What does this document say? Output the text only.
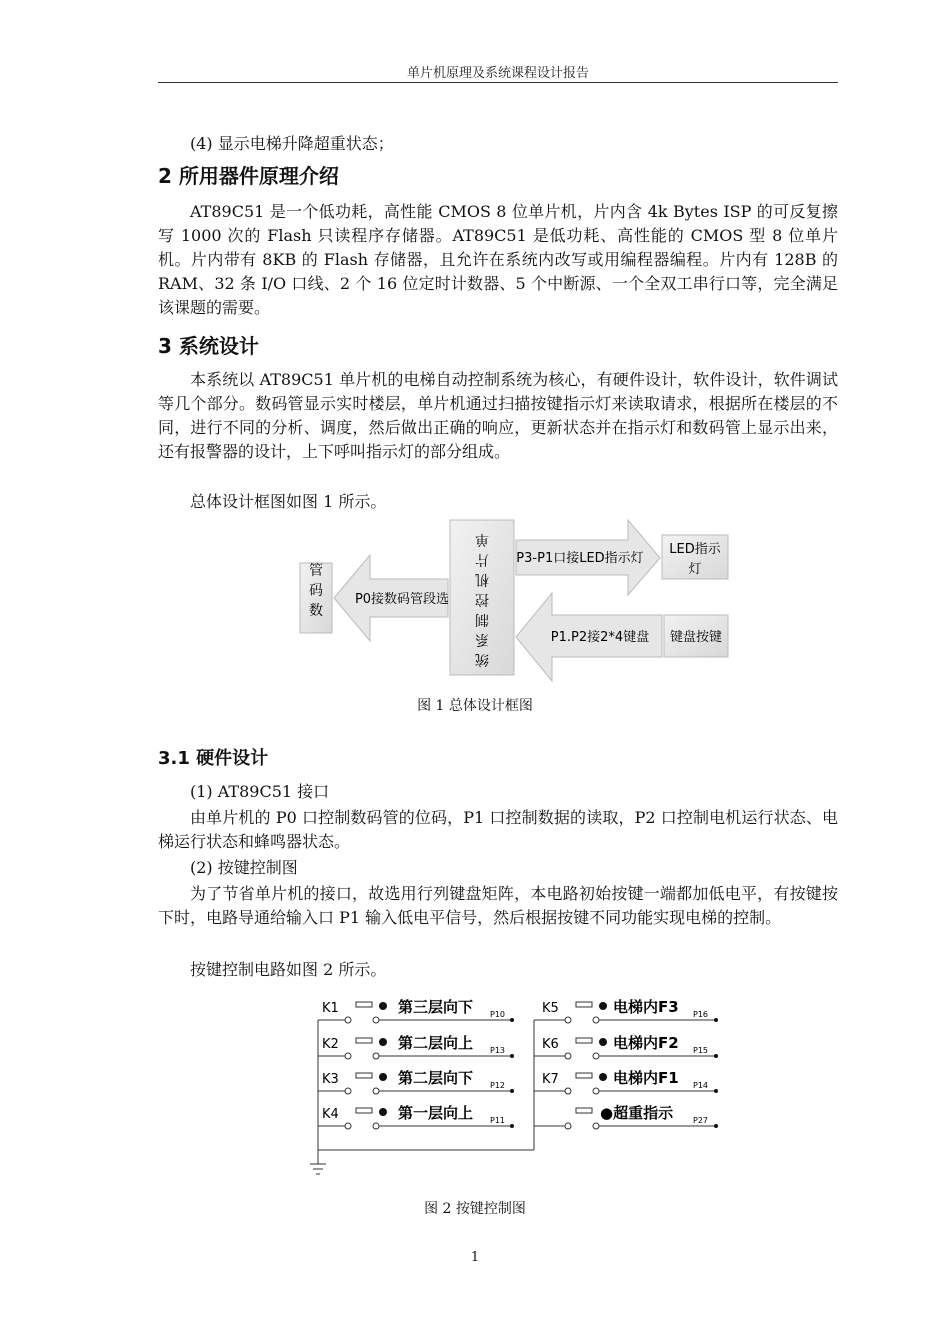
单片机原理及系统课程设计报告
(4) 显示电梯升降超重状态；
2 所用器件原理介绍
AT89C51 是一个低功耗，高性能 CMOS 8 位单片机，片内含 4k Bytes ISP 的可反复擦写 1000 次的 Flash 只读程序存储器。AT89C51 是低功耗、高性能的 CMOS 型 8 位单片机。片内带有 8KB 的 Flash 存储器，且允许在系统内改写或用编程器编程。片内有 128B 的 RAM、32 条 I/O 口线、2 个 16 位定时计数器、5 个中断源、一个全双工串行口等，完全满足该课题的需要。
3 系统设计
本系统以 AT89C51 单片机的电梯自动控制系统为核心，有硬件设计，软件设计，软件调试等几个部分。数码管显示实时楼层，单片机通过扫描按键指示灯来读取请求，根据所在楼层的不同，进行不同的分析、调度，然后做出正确的响应，更新状态并在指示灯和数码管上显示出来，还有报警器的设计，上下呼叫指示灯的部分组成。
总体设计框图如图 1 所示。
管
码
数
P0接数码管段选
单
片
机
控
制
系
统
P3-P1口接LED指示灯
LED指示
灯
P1.P2接2*4键盘 键盘按键
图 1 总体设计框图
3.1 硬件设计
(1) AT89C51 接口
由单片机的 P0 口控制数码管的位码，P1 口控制数据的读取，P2 口控制电机运行状态、电梯运行状态和蜂鸣器状态。
(2) 按键控制图
为了节省单片机的接口，故选用行列键盘矩阵，本电路初始按键一端都加低电平，有按键按下时，电路导通给输入口 P1 输入低电平信号，然后根据按键不同功能实现电梯的控制。
按键控制电路如图 2 所示。
K1	第三层向下 P10
K2	第二层向上 P13
K3	第二层向下 P12
K4	第一层向上 P11
K5	电梯内F3 P16
K6	电梯内F2 P15
K7	电梯内F1 P14
●超重指示 P27
图 2 按键控制图
1
